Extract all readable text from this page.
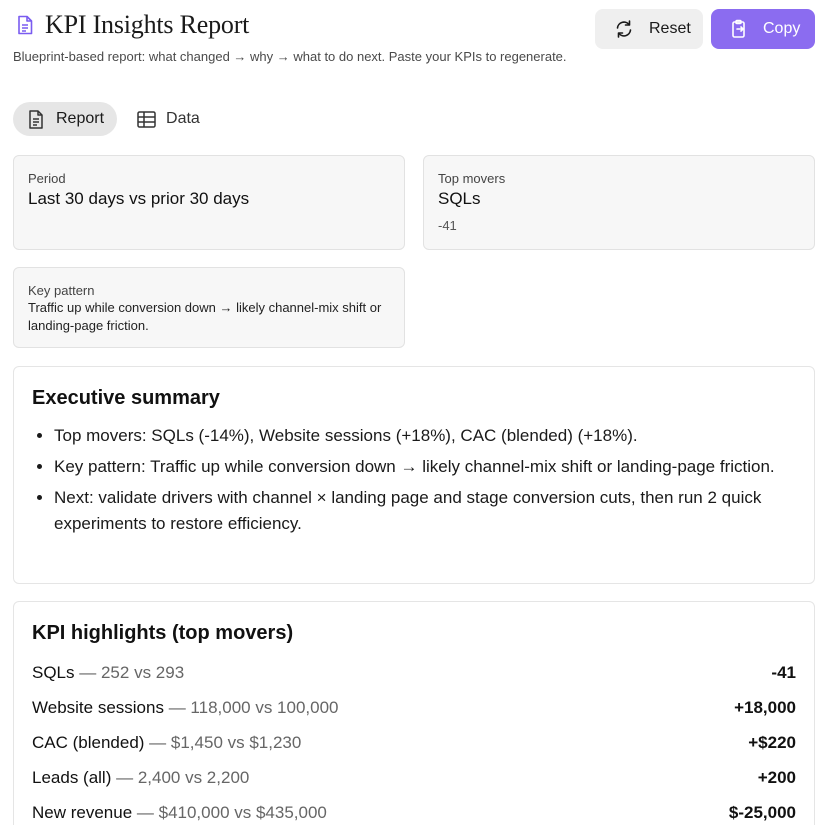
KPI Insights Report
Blueprint-based report: what changed → why → what to do next. Paste your KPIs to regenerate.
Reset	Copy
Report	Data
Period
Last 30 days vs prior 30 days
Top movers
SQLs
-41
Key pattern
Traffic up while conversion down → likely channel-mix shift or landing-page friction.
Executive summary
• Top movers: SQLs (-14%), Website sessions (+18%), CAC (blended) (+18%).
• Key pattern: Traffic up while conversion down → likely channel-mix shift or landing-page friction.
• Next: validate drivers with channel × landing page and stage conversion cuts, then run 2 quick experiments to restore efficiency.
KPI highlights (top movers)
SQLs — 252 vs 293	-41
Website sessions — 118,000 vs 100,000	+18,000
CAC (blended) — $1,450 vs $1,230	+$220
Leads (all) — 2,400 vs 2,200	+200
New revenue — $410,000 vs $435,000	$-25,000
